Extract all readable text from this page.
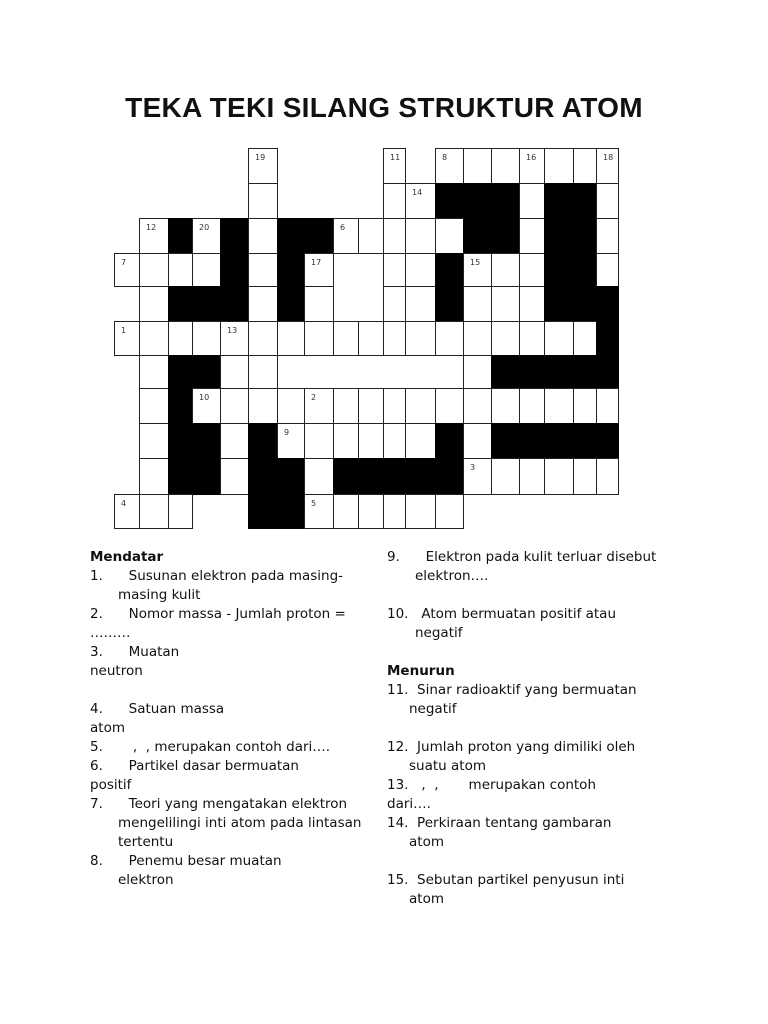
TEKA TEKI SILANG STRUKTUR ATOM
19	11	8	16	18
14
12	20	6
7	17	15
1	13
10	2
9
3
4	5

Mendatar

1.      Susunan elektron pada masing-

masing kulit

2.      Nomor massa - Jumlah proton =

………

3.      Muatan

neutron

4.      Satuan massa

atom

5.       ,  , merupakan contoh dari….

6.      Partikel dasar bermuatan

positif

7.      Teori yang mengatakan elektron

mengelilingi inti atom pada lintasan

tertentu

8.      Penemu besar muatan

elektron

9.      Elektron pada kulit terluar disebut

elektron….

10.   Atom bermuatan positif atau

negatif

Menurun

11.  Sinar radioaktif yang bermuatan

negatif

12.  Jumlah proton yang dimiliki oleh

suatu atom

13.   ,  ,       merupakan contoh

dari….

14.  Perkiraan tentang gambaran

atom

15.  Sebutan partikel penyusun inti

atom
